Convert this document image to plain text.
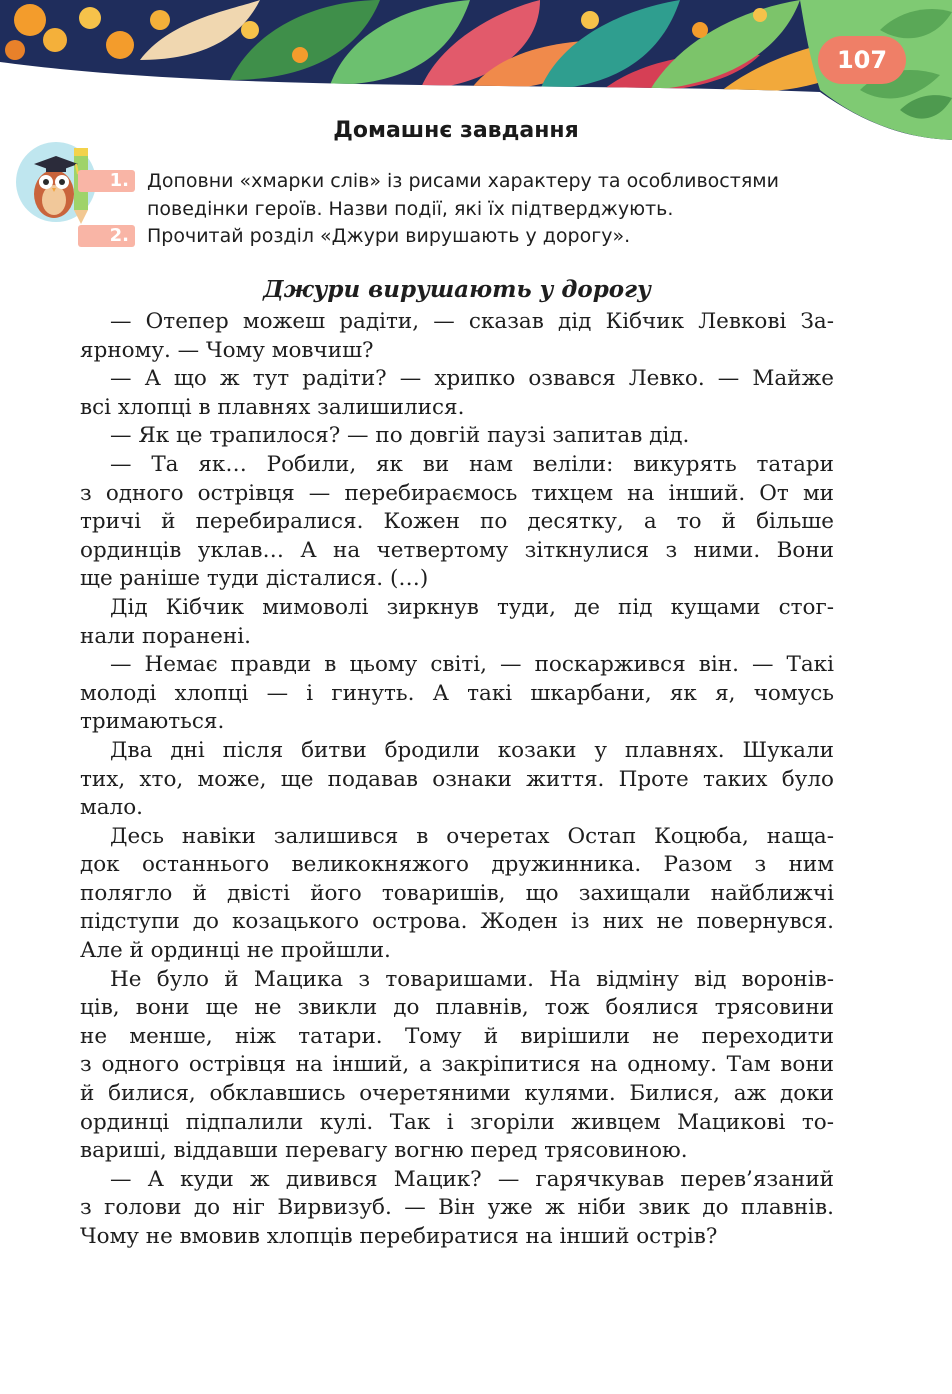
107
Домашнє завдання
1. Доповни «хмарки слів» із рисами характеру та особливостями
поведінки героїв. Назви події, які їх підтверджують.
2. Прочитай розділ «Джури вирушають у дорогу».
Джури вирушають у дорогу
— Отепер можеш радіти, — сказав дід Кібчик Левкові За-
ярному. — Чому мовчиш?
— А що ж тут радіти? — хрипко озвався Левко. — Майже
всі хлопці в плавнях залишилися.
— Як це трапилося? — по довгій паузі запитав дід.
— Та як… Робили, як ви нам веліли: викурять татари
з одного острівця — перебираємось тихцем на інший. От ми
тричі й перебиралися. Кожен по десятку, а то й більше
ординців уклав… А на четвертому зіткнулися з ними. Вони
ще раніше туди дісталися. (…)
Дід Кібчик мимоволі зиркнув туди, де під кущами стог-
нали поранені.
— Немає правди в цьому світі, — поскаржився він. — Такі
молоді хлопці — і гинуть. А такі шкарбани, як я, чомусь
тримаються.
Два дні після битви бродили козаки у плавнях. Шукали
тих, хто, може, ще подавав ознаки життя. Проте таких було
мало.
Десь навіки залишився в очеретах Остап Коцюба, нащa-
док останнього великокняжого дружинника. Разом з ним
полягло й двісті його товаришів, що захищали найближчі
підступи до козацького острова. Жоден із них не повернувся.
Але й ординці не пройшли.
Не було й Мацика з товаришами. На відміну від воронів-
ців, вони ще не звикли до плавнів, тож боялися трясовини
не менше, ніж татари. Тому й вирішили не переходити
з одного острівця на інший, а закріпитися на одному. Там вони
й билися, обклавшись очеретяними кулями. Билися, аж доки
ординці підпалили кулі. Так і згоріли живцем Мацикові то-
вариші, віддавши перевагу вогню перед трясовиною.
— А куди ж дивився Мацик? — гарячкував перев’язаний
з голови до ніг Вирвизуб. — Він уже ж ніби звик до плавнів.
Чому не вмовив хлопців перебиратися на інший острів?
